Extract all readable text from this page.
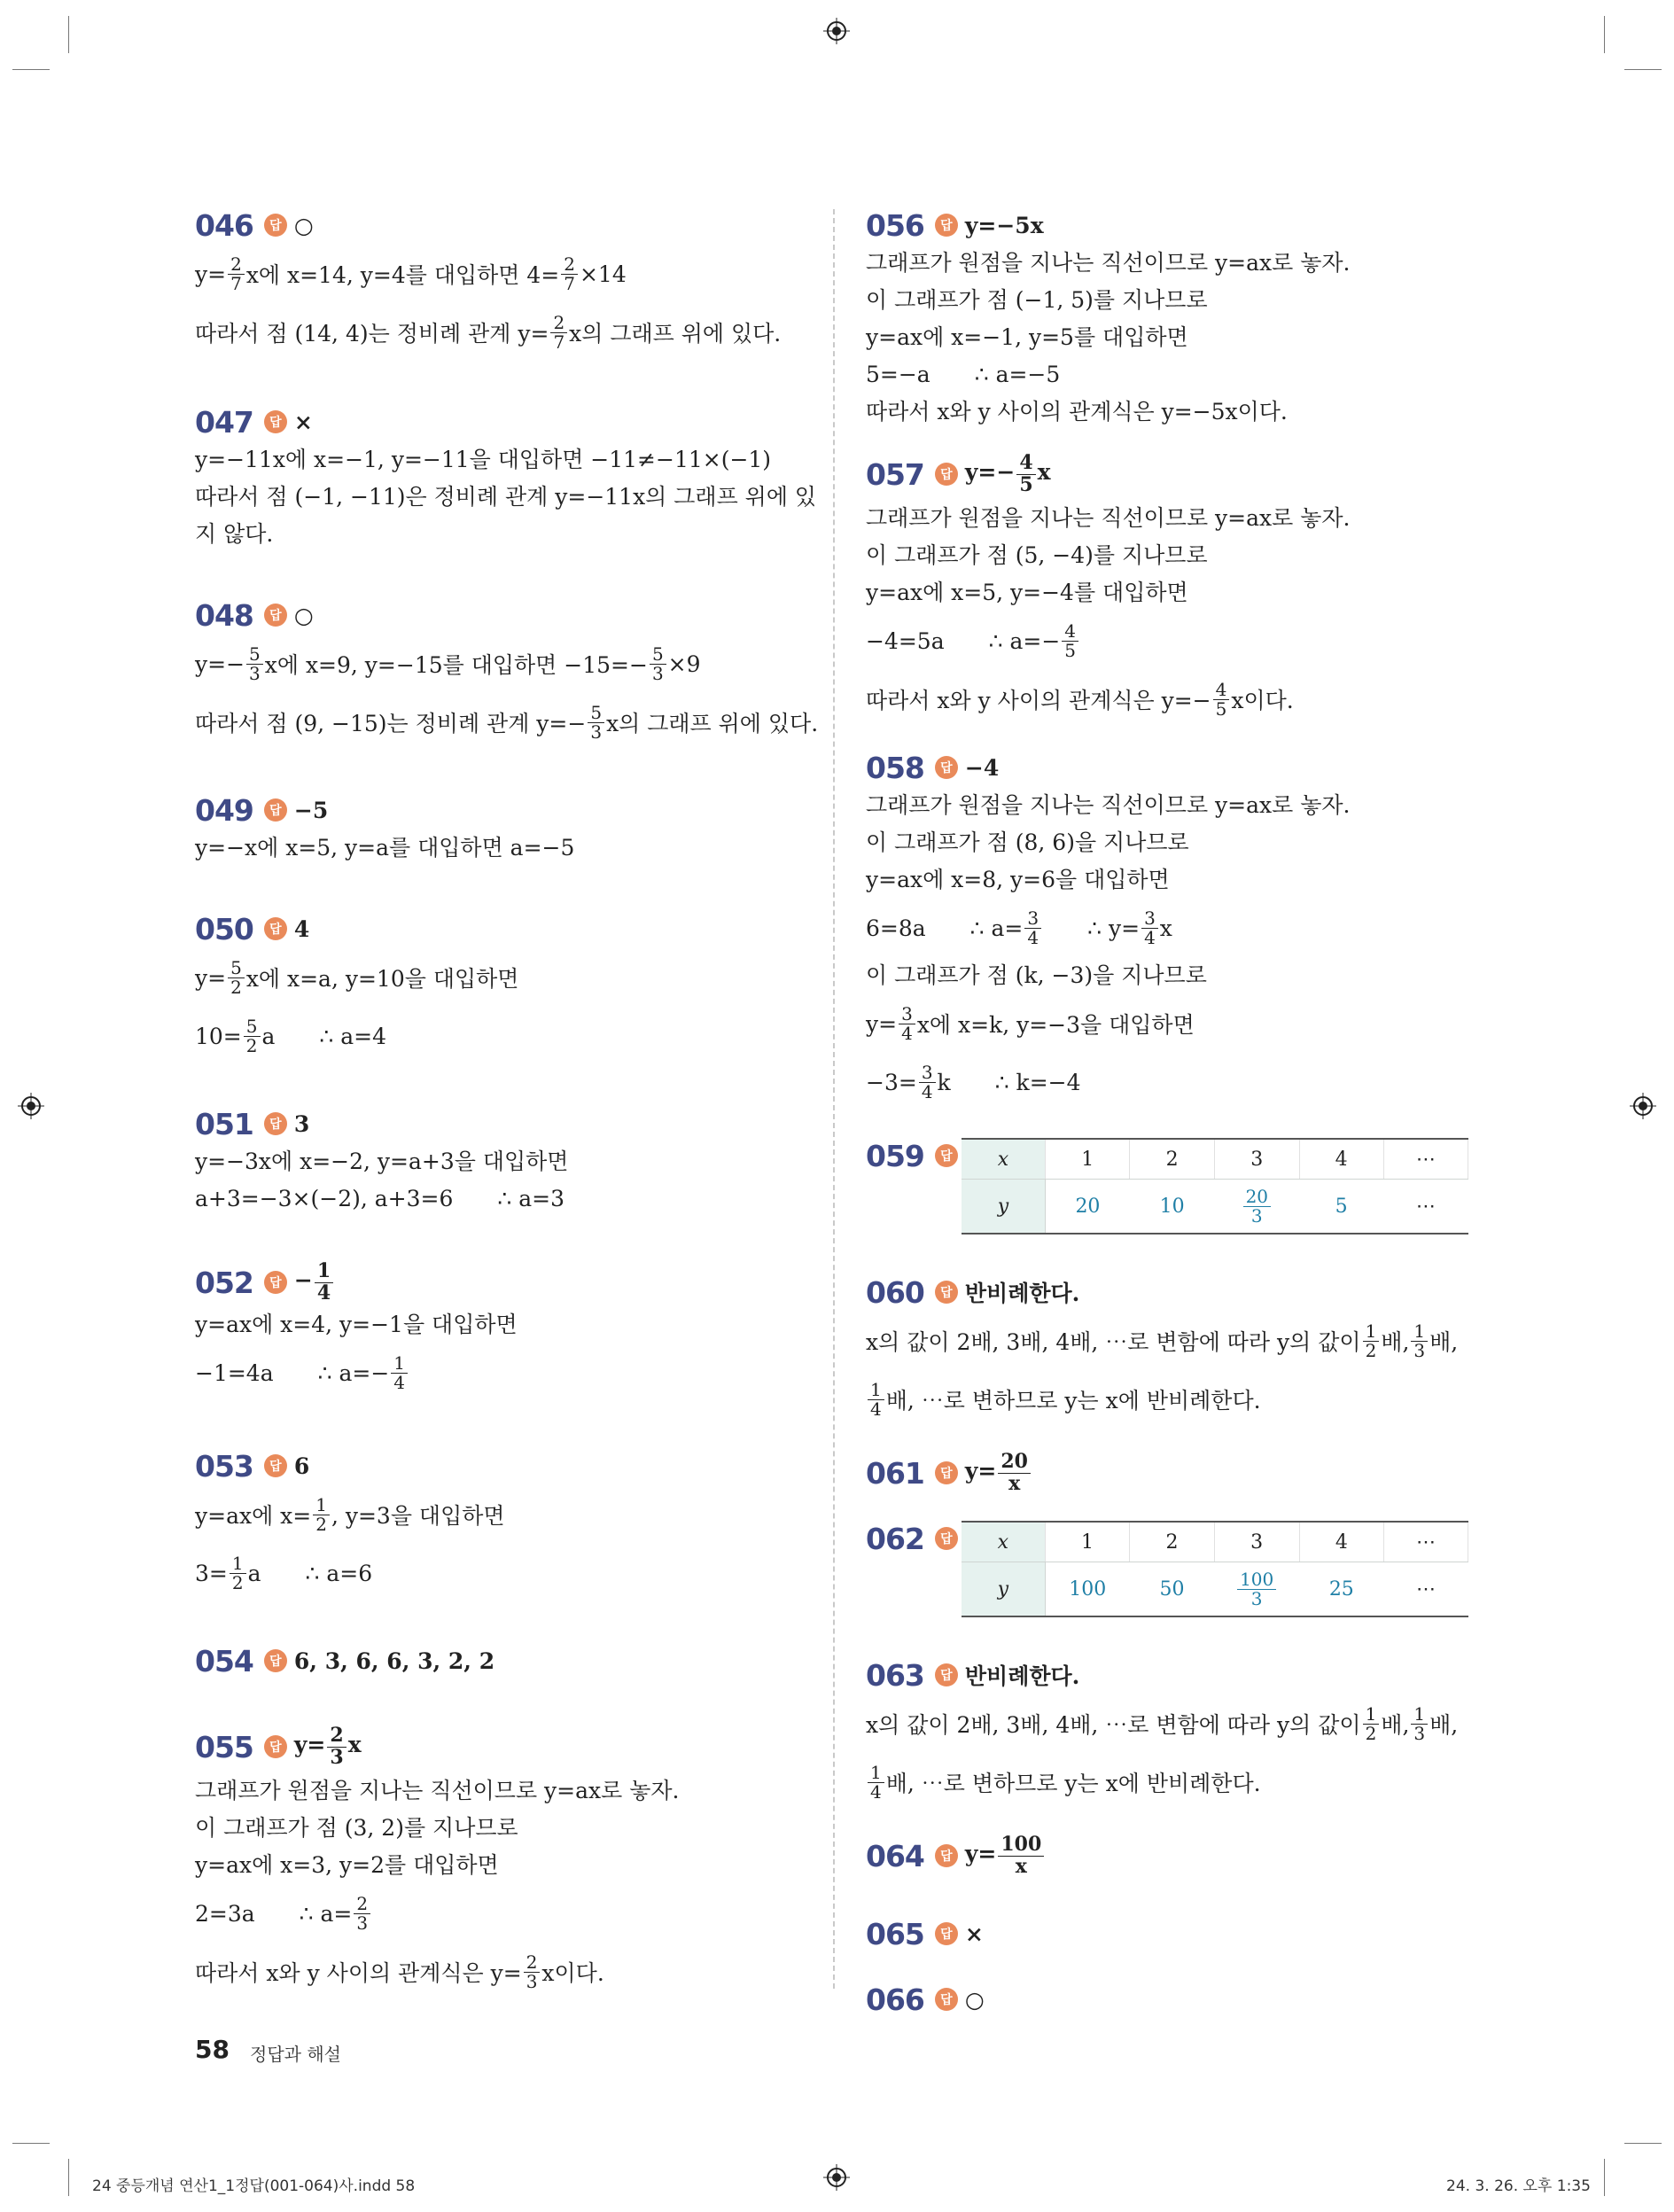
046	답 ○
$y= \frac{2}{7}$ x에 x=14, y=4를 대입하면 $4= \frac{2}{7} \times 14$
따라서 점 (14, 4)는 정비례 관계 $y= \frac{2}{7}$ x의 그래프 위에 있다.
047	답 ×
y=−11x에 x=−1, y=−11을 대입하면 −11≠−11×(−1)
따라서 점 (−1, −11)은 정비례 관계 y=−11x의 그래프 위에 있
지 않다.
048	답 ○
$y=- \frac{5}{3}$ x에 x=9, y=−15를 대입하면 $-15=- \frac{5}{3} \times 9$
따라서 점 (9, −15)는 정비례 관계 $y=- \frac{5}{3}$ x의 그래프 위에 있다.
049	답 −5
y=−x에 x=5, y=a를 대입하면 a=−5
050	답 4
$y= \frac{5}{2}$ x에 x=a, y=10을 대입하면
$10= \frac{5}{2}$ a ∴ a=4
051	답 3
y=−3x에 x=−2, y=a+3을 대입하면
a+3=−3×(−2), a+3=6 ∴ a=3
052	답 − $\frac{1}{4}$
y=ax에 x=4, y=−1을 대입하면
−1=4a ∴ $a=- \frac{1}{4}$
053	답 6
y=ax에 $x= \frac{1}{2}$ , y=3을 대입하면
$3= \frac{1}{2}$ a ∴ a=6
054	답 6, 3, 6, 6, 3, 2, 2
055	답 $y= \frac{2}{3}$ x
그래프가 원점을 지나는 직선이므로 y=ax로 놓자.
이 그래프가 점 (3, 2)를 지나므로
y=ax에 x=3, y=2를 대입하면
2=3a ∴ $a= \frac{2}{3}$
따라서 x와 y 사이의 관계식은 $y= \frac{2}{3}$ x이다.
056	답 y=−5x
그래프가 원점을 지나는 직선이므로 y=ax로 놓자.
이 그래프가 점 (−1, 5)를 지나므로
y=ax에 x=−1, y=5를 대입하면
5=−a ∴ a=−5
따라서 x와 y 사이의 관계식은 y=−5x이다.
057	답 $y=- \frac{4}{5}$ x
그래프가 원점을 지나는 직선이므로 y=ax로 놓자.
이 그래프가 점 (5, −4)를 지나므로
y=ax에 x=5, y=−4를 대입하면
−4=5a ∴ $a=- \frac{4}{5}$
따라서 x와 y 사이의 관계식은 $y=- \frac{4}{5}$ x이다.
058	답 −4
그래프가 원점을 지나는 직선이므로 y=ax로 놓자.
이 그래프가 점 (8, 6)을 지나므로
y=ax에 x=8, y=6을 대입하면
6=8a ∴ $a= \frac{3}{4}$ ∴ $y= \frac{3}{4}$ x
이 그래프가 점 (k, −3)을 지나므로
$y= \frac{3}{4}$ x에 x=k, y=−3을 대입하면
$-3= \frac{3}{4}$ k ∴ k=−4
059	답 x	1	2	3	4	⋯
y	20	10	$\frac{20}{3}$	5	⋯
060	답 반비례한다.
x의 값이 2배, 3배, 4배, ⋯로 변함에 따라 y의 값이 $\frac{1}{2}$ 배, $\frac{1}{3}$ 배,
$\frac{1}{4}$ 배, ⋯로 변하므로 y는 x에 반비례한다.
061	답 $y= \frac{20}{x}$
062	답 x	1	2	3	4	⋯
y	100	50	$\frac{100}{3}$	25	⋯
063	답 반비례한다.
x의 값이 2배, 3배, 4배, ⋯로 변함에 따라 y의 값이 $\frac{1}{2}$ 배, $\frac{1}{3}$ 배,
$\frac{1}{4}$ 배, ⋯로 변하므로 y는 x에 반비례한다.
064	답 $y= \frac{100}{x}$
065	답 ×
066	답 ○
58 정답과 해설
24 중등개념 연산1_1정답(001-064)사.indd 58	24. 3. 26. 오후 1:35
